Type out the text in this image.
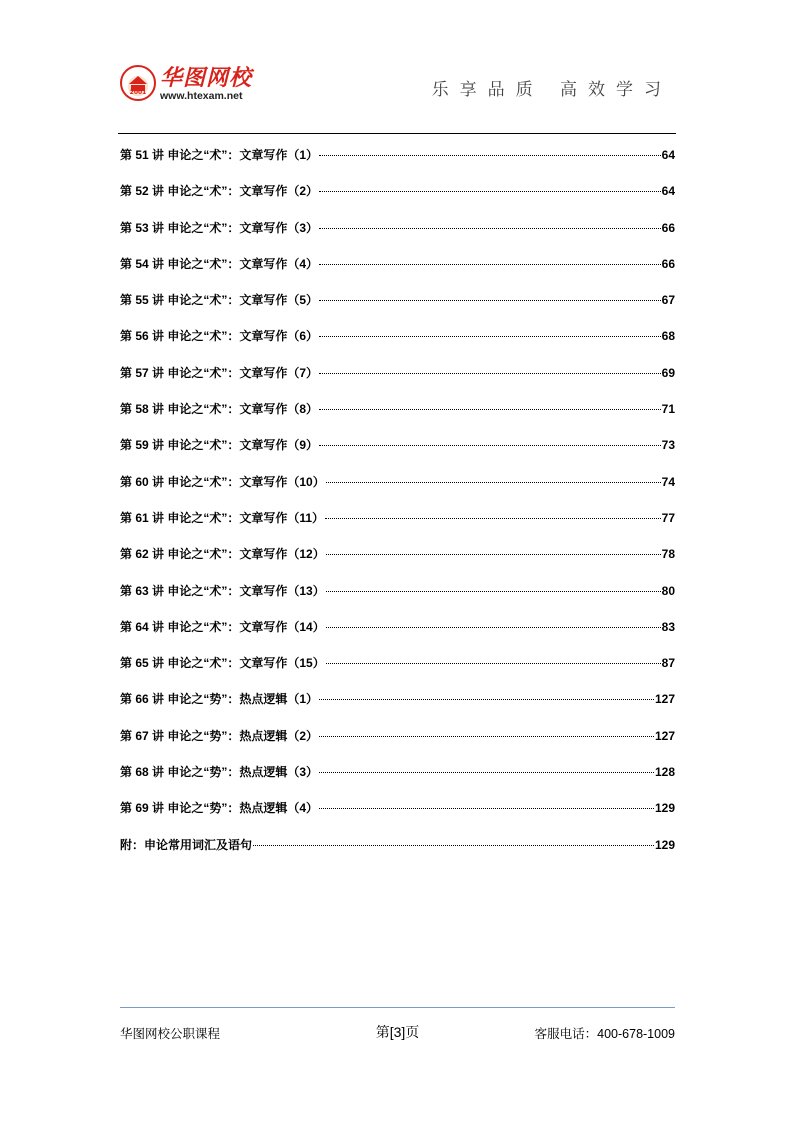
2001
华图网校
www.htexam.net	乐享品质 高效学习
第 51 讲 申论之“术”：文章写作（1）	64
第 52 讲 申论之“术”：文章写作（2）	64
第 53 讲 申论之“术”：文章写作（3）	66
第 54 讲 申论之“术”：文章写作（4）	66
第 55 讲 申论之“术”：文章写作（5）	67
第 56 讲 申论之“术”：文章写作（6）	68
第 57 讲 申论之“术”：文章写作（7）	69
第 58 讲 申论之“术”：文章写作（8）	71
第 59 讲 申论之“术”：文章写作（9）	73
第 60 讲 申论之“术”：文章写作（10）	74
第 61 讲 申论之“术”：文章写作（11）	77
第 62 讲 申论之“术”：文章写作（12）	78
第 63 讲 申论之“术”：文章写作（13）	80
第 64 讲 申论之“术”：文章写作（14）	83
第 65 讲 申论之“术”：文章写作（15）	87
第 66 讲 申论之“势”：热点逻辑（1）	127
第 67 讲 申论之“势”：热点逻辑（2）	127
第 68 讲 申论之“势”：热点逻辑（3）	128
第 69 讲 申论之“势”：热点逻辑（4）	129
附：申论常用词汇及语句	129
华图网校公职课程	第[3]页	客服电话：400-678-1009
